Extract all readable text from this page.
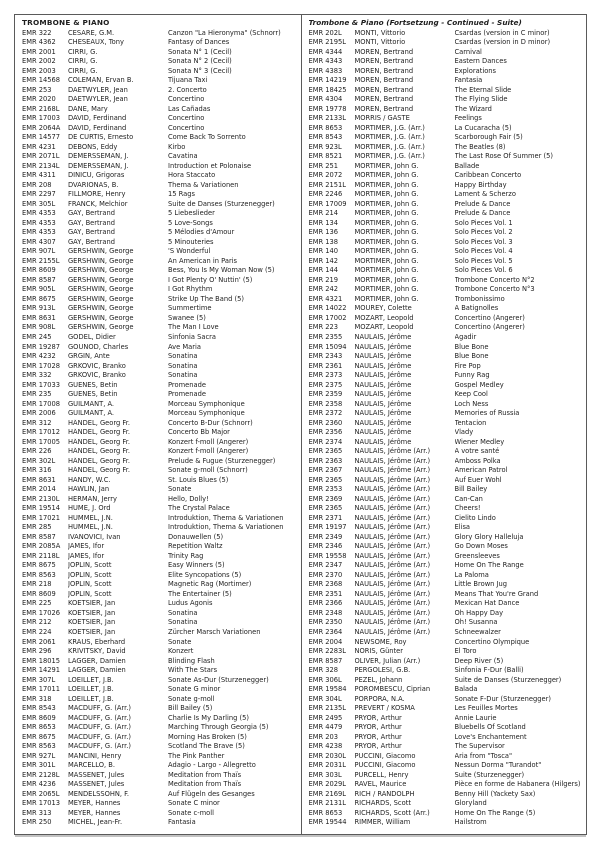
TROMBONE & PIANO
EMR 322	CESARE, G.M.	Canzon "La Hieronyma" (Schnorr)
EMR 4362	CHESEAUX, Tony	Fantasy of Dances
EMR 2001	CIRRI, G.	Sonata N° 1 (Cecil)
EMR 2002	CIRRI, G.	Sonata N° 2 (Cecil)
EMR 2003	CIRRI, G.	Sonata N° 3 (Cecil)
EMR 14568	COLEMAN, Ervan B.	Tijuana Taxi
EMR 253	DAETWYLER, Jean	2. Concerto
EMR 2020	DAETWYLER, Jean	Concertino
EMR 2168L	DANE, Mary	Las Cañadas
EMR 17003	DAVID, Ferdinand	Concertino
EMR 2064A	DAVID, Ferdinand	Concertino
EMR 14577	DE CURTIS, Ernesto	Come Back To Sorrento
EMR 4231	DEBONS, Eddy	Kirbo
EMR 2071L	DEMERSSEMAN, J.	Cavatina
EMR 2134L	DEMERSSEMAN, J.	Introduction et Polonaise
EMR 4311	DINICU, Grigoras	Hora Staccato
EMR 208	DVARIONAS, B.	Thema & Variationen
EMR 2297	FILLMORE, Henry	15 Rags
EMR 305L	FRANCK, Melchior	Suite de Danses (Sturzenegger)
EMR 4353	GAY, Bertrand	5 Liebeslieder
EMR 4353	GAY, Bertrand	5 Love-Songs
EMR 4353	GAY, Bertrand	5 Mélodies d'Amour
EMR 4307	GAY, Bertrand	5 Minouteries
EMR 907L	GERSHWIN, George	'S Wonderful
EMR 2155L	GERSHWIN, George	An American in Paris
EMR 8609	GERSHWIN, George	Bess, You Is My Woman Now (5)
EMR 8587	GERSHWIN, George	I Got Plenty O' Nuttin' (5)
EMR 905L	GERSHWIN, George	I Got Rhythm
EMR 8675	GERSHWIN, George	Strike Up The Band (5)
EMR 913L	GERSHWIN, George	Summertime
EMR 8631	GERSHWIN, George	Swanee (5)
EMR 908L	GERSHWIN, George	The Man I Love
EMR 245	GODEL, Didier	Sinfonia Sacra
EMR 19287	GOUNOD, Charles	Ave Maria
EMR 4232	GRGIN, Ante	Sonatina
EMR 17028	GRKOVIC, Branko	Sonatina
EMR 332	GRKOVIC, Branko	Sonatina
EMR 17033	GUENES, Betin	Promenade
EMR 235	GUENES, Betin	Promenade
EMR 17008	GUILMANT, A.	Morceau Symphonique
EMR 2006	GUILMANT, A.	Morceau Symphonique
EMR 312	HÄNDEL, Georg Fr.	Concerto B-Dur (Schnorr)
EMR 17012	HÄNDEL, Georg Fr.	Concerto Bb Major
EMR 17005	HÄNDEL, Georg Fr.	Konzert f-moll (Angerer)
EMR 226	HÄNDEL, Georg Fr.	Konzert f-moll (Angerer)
EMR 302L	HÄNDEL, Georg Fr.	Prelude & Fugue (Sturzenegger)
EMR 316	HÄNDEL, Georg Fr.	Sonate g-moll (Schnorr)
EMR 8631	HANDY, W.C.	St. Louis Blues (5)
EMR 2014	HAWLIN, Jan	Sonate
EMR 2130L	HERMAN, Jerry	Hello, Dolly!
EMR 19514	HUME, J. Ord	The Crystal Palace
EMR 17021	HUMMEL, J.N.	Introduktion, Thema & Variationen
EMR 285	HUMMEL, J.N.	Introduktion, Thema & Variationen
EMR 8587	IVANOVICI, Ivan	Donauwellen (5)
EMR 2085A	JAMES, Ifor	Repetition Waltz
EMR 2118L	JAMES, Ifor	Trinity Rag
EMR 8675	JOPLIN, Scott	Easy Winners (5)
EMR 8563	JOPLIN, Scott	Elite Syncopations (5)
EMR 218	JOPLIN, Scott	Magnetic Rag (Mortimer)
EMR 8609	JOPLIN, Scott	The Entertainer (5)
EMR 225	KOETSIER, Jan	Ludus Agonis
EMR 17026	KOETSIER, Jan	Sonatina
EMR 212	KOETSIER, Jan	Sonatina
EMR 224	KOETSIER, Jan	Zürcher Marsch Variationen
EMR 2061	KRAUS, Eberhard	Sonate
EMR 296	KRIVITSKY, David	Konzert
EMR 18015	LAGGER, Damien	Blinding Flash
EMR 14291	LAGGER, Damien	With The Stars
EMR 307L	LOEILLET, J.B.	Sonate As-Dur (Sturzenegger)
EMR 17011	LOEILLET, J.B.	Sonate G minor
EMR 318	LOEILLET, J.B.	Sonate g-moll
EMR 8543	MACDUFF, G. (Arr.)	Bill Bailey (5)
EMR 8609	MACDUFF, G. (Arr.)	Charlie Is My Darling (5)
EMR 8653	MACDUFF, G. (Arr.)	Marching Through Georgia (5)
EMR 8675	MACDUFF, G. (Arr.)	Morning Has Broken (5)
EMR 8563	MACDUFF, G. (Arr.)	Scotland The Brave (5)
EMR 927L	MANCINI, Henry	The Pink Panther
EMR 301L	MARCELLO, B.	Adagio - Largo - Allegretto
EMR 2128L	MASSENET, Jules	Meditation from Thaïs
EMR 4236	MASSENET, Jules	Meditation from Thaïs
EMR 2065L	MENDELSSOHN, F.	Auf Flügeln des Gesanges
EMR 17013	MEYER, Hannes	Sonate C minor
EMR 313	MEYER, Hannes	Sonate c-moll
EMR 250	MICHEL, Jean-Fr.	Fantasia
Trombone & Piano (Fortsetzung - Continued - Suite)
EMR 202L	MONTI, Vittorio	Csardas (version in C minor)
EMR 2195L	MONTI, Vittorio	Csardas (version in D minor)
EMR 4344	MOREN, Bertrand	Carnival
EMR 4343	MOREN, Bertrand	Eastern Dances
EMR 4383	MOREN, Bertrand	Explorations
EMR 14219	MOREN, Bertrand	Fantasia
EMR 18425	MOREN, Bertrand	The Eternal Slide
EMR 4304	MOREN, Bertrand	The Flying Slide
EMR 19778	MOREN, Bertrand	The Wizard
EMR 2133L	MORRIS / GASTE	Feelings
EMR 8653	MORTIMER, J.G. (Arr.)	La Cucaracha (5)
EMR 8543	MORTIMER, J.G. (Arr.)	Scarborough Fair (5)
EMR 923L	MORTIMER, J.G. (Arr.)	The Beatles (8)
EMR 8521	MORTIMER, J.G. (Arr.)	The Last Rose Of Summer (5)
EMR 251	MORTIMER, John G.	Ballade
EMR 2072	MORTIMER, John G.	Caribbean Concerto
EMR 2151L	MORTIMER, John G.	Happy Birthday
EMR 2246	MORTIMER, John G.	Lament & Scherzo
EMR 17009	MORTIMER, John G.	Prelude & Dance
EMR 214	MORTIMER, John G.	Prelude & Dance
EMR 134	MORTIMER, John G.	Solo Pieces Vol. 1
EMR 136	MORTIMER, John G.	Solo Pieces Vol. 2
EMR 138	MORTIMER, John G.	Solo Pieces Vol. 3
EMR 140	MORTIMER, John G.	Solo Pieces Vol. 4
EMR 142	MORTIMER, John G.	Solo Pieces Vol. 5
EMR 144	MORTIMER, John G.	Solo Pieces Vol. 6
EMR 219	MORTIMER, John G.	Trombone Concerto N°2
EMR 242	MORTIMER, John G.	Trombone Concerto N°3
EMR 4321	MORTIMER, John G.	Trombonissimo
EMR 14022	MOUREY, Colette	A Batignolles
EMR 17002	MOZART, Leopold	Concertino (Angerer)
EMR 223	MOZART, Leopold	Concertino (Angerer)
EMR 2355	NAULAIS, Jérôme	Agadir
EMR 15094	NAULAIS, Jérôme	Blue Bone
EMR 2343	NAULAIS, Jérôme	Blue Bone
EMR 2361	NAULAIS, Jérôme	Fire Pop
EMR 2373	NAULAIS, Jérôme	Funny Rag
EMR 2375	NAULAIS, Jérôme	Gospel Medley
EMR 2359	NAULAIS, Jérôme	Keep Cool
EMR 2358	NAULAIS, Jérôme	Loch Ness
EMR 2372	NAULAIS, Jérôme	Memories of Russia
EMR 2360	NAULAIS, Jérôme	Tentacion
EMR 2356	NAULAIS, Jérôme	Vlady
EMR 2374	NAULAIS, Jérôme	Wiener Medley
EMR 2365	NAULAIS, Jérôme (Arr.)	A votre santé
EMR 2363	NAULAIS, Jérôme (Arr.)	Amboss Polka
EMR 2367	NAULAIS, Jérôme (Arr.)	American Patrol
EMR 2365	NAULAIS, Jérôme (Arr.)	Auf Euer Wohl
EMR 2353	NAULAIS, Jérôme (Arr.)	Bill Bailey
EMR 2369	NAULAIS, Jérôme (Arr.)	Can-Can
EMR 2365	NAULAIS, Jérôme (Arr.)	Cheers!
EMR 2371	NAULAIS, Jérôme (Arr.)	Cielito Lindo
EMR 19197	NAULAIS, Jérôme (Arr.)	Elisa
EMR 2349	NAULAIS, Jérôme (Arr.)	Glory Glory Halleluja
EMR 2346	NAULAIS, Jérôme (Arr.)	Go Down Moses
EMR 19558	NAULAIS, Jérôme (Arr.)	Greensleeves
EMR 2347	NAULAIS, Jérôme (Arr.)	Home On The Range
EMR 2370	NAULAIS, Jérôme (Arr.)	La Paloma
EMR 2368	NAULAIS, Jérôme (Arr.)	Little Brown Jug
EMR 2351	NAULAIS, Jérôme (Arr.)	Means That You're Grand
EMR 2366	NAULAIS, Jérôme (Arr.)	Mexican Hat Dance
EMR 2348	NAULAIS, Jérôme (Arr.)	Oh Happy Day
EMR 2350	NAULAIS, Jérôme (Arr.)	Oh! Susanna
EMR 2364	NAULAIS, Jérôme (Arr.)	Schneewalzer
EMR 2004	NEWSOME, Roy	Concertino Olympique
EMR 2283L	NORIS, Günter	El Toro
EMR 8587	OLIVER, Julian (Arr.)	Deep River (5)
EMR 328	PERGOLESI, G.B.	Sinfonia F-Dur (Balli)
EMR 306L	PEZEL, Johann	Suite de Danses (Sturzenegger)
EMR 19584	POROMBESCU, Ciprian	Balada
EMR 304L	PORPORA, N.A.	Sonate F-Dur (Sturzenegger)
EMR 2135L	PREVERT / KOSMA	Les Feuilles Mortes
EMR 2495	PRYOR, Arthur	Annie Laurie
EMR 4479	PRYOR, Arthur	Bluebells Of Scotland
EMR 203	PRYOR, Arthur	Love's Enchantement
EMR 4238	PRYOR, Arthur	The Supervisor
EMR 2030L	PUCCINI, Giacomo	Aria from "Tosca"
EMR 2031L	PUCCINI, Giacomo	Nessun Dorma "Turandot"
EMR 303L	PURCELL, Henry	Suite (Sturzenegger)
EMR 2029L	RAVEL, Maurice	Pièce en forme de Habanera (Hilgers)
EMR 2169L	RICH / RANDOLPH	Benny Hill (Yackety Sax)
EMR 2131L	RICHARDS, Scott	Gloryland
EMR 8653	RICHARDS, Scott (Arr.)	Home On The Range (5)
EMR 19544	RIMMER, William	Hailstrom
